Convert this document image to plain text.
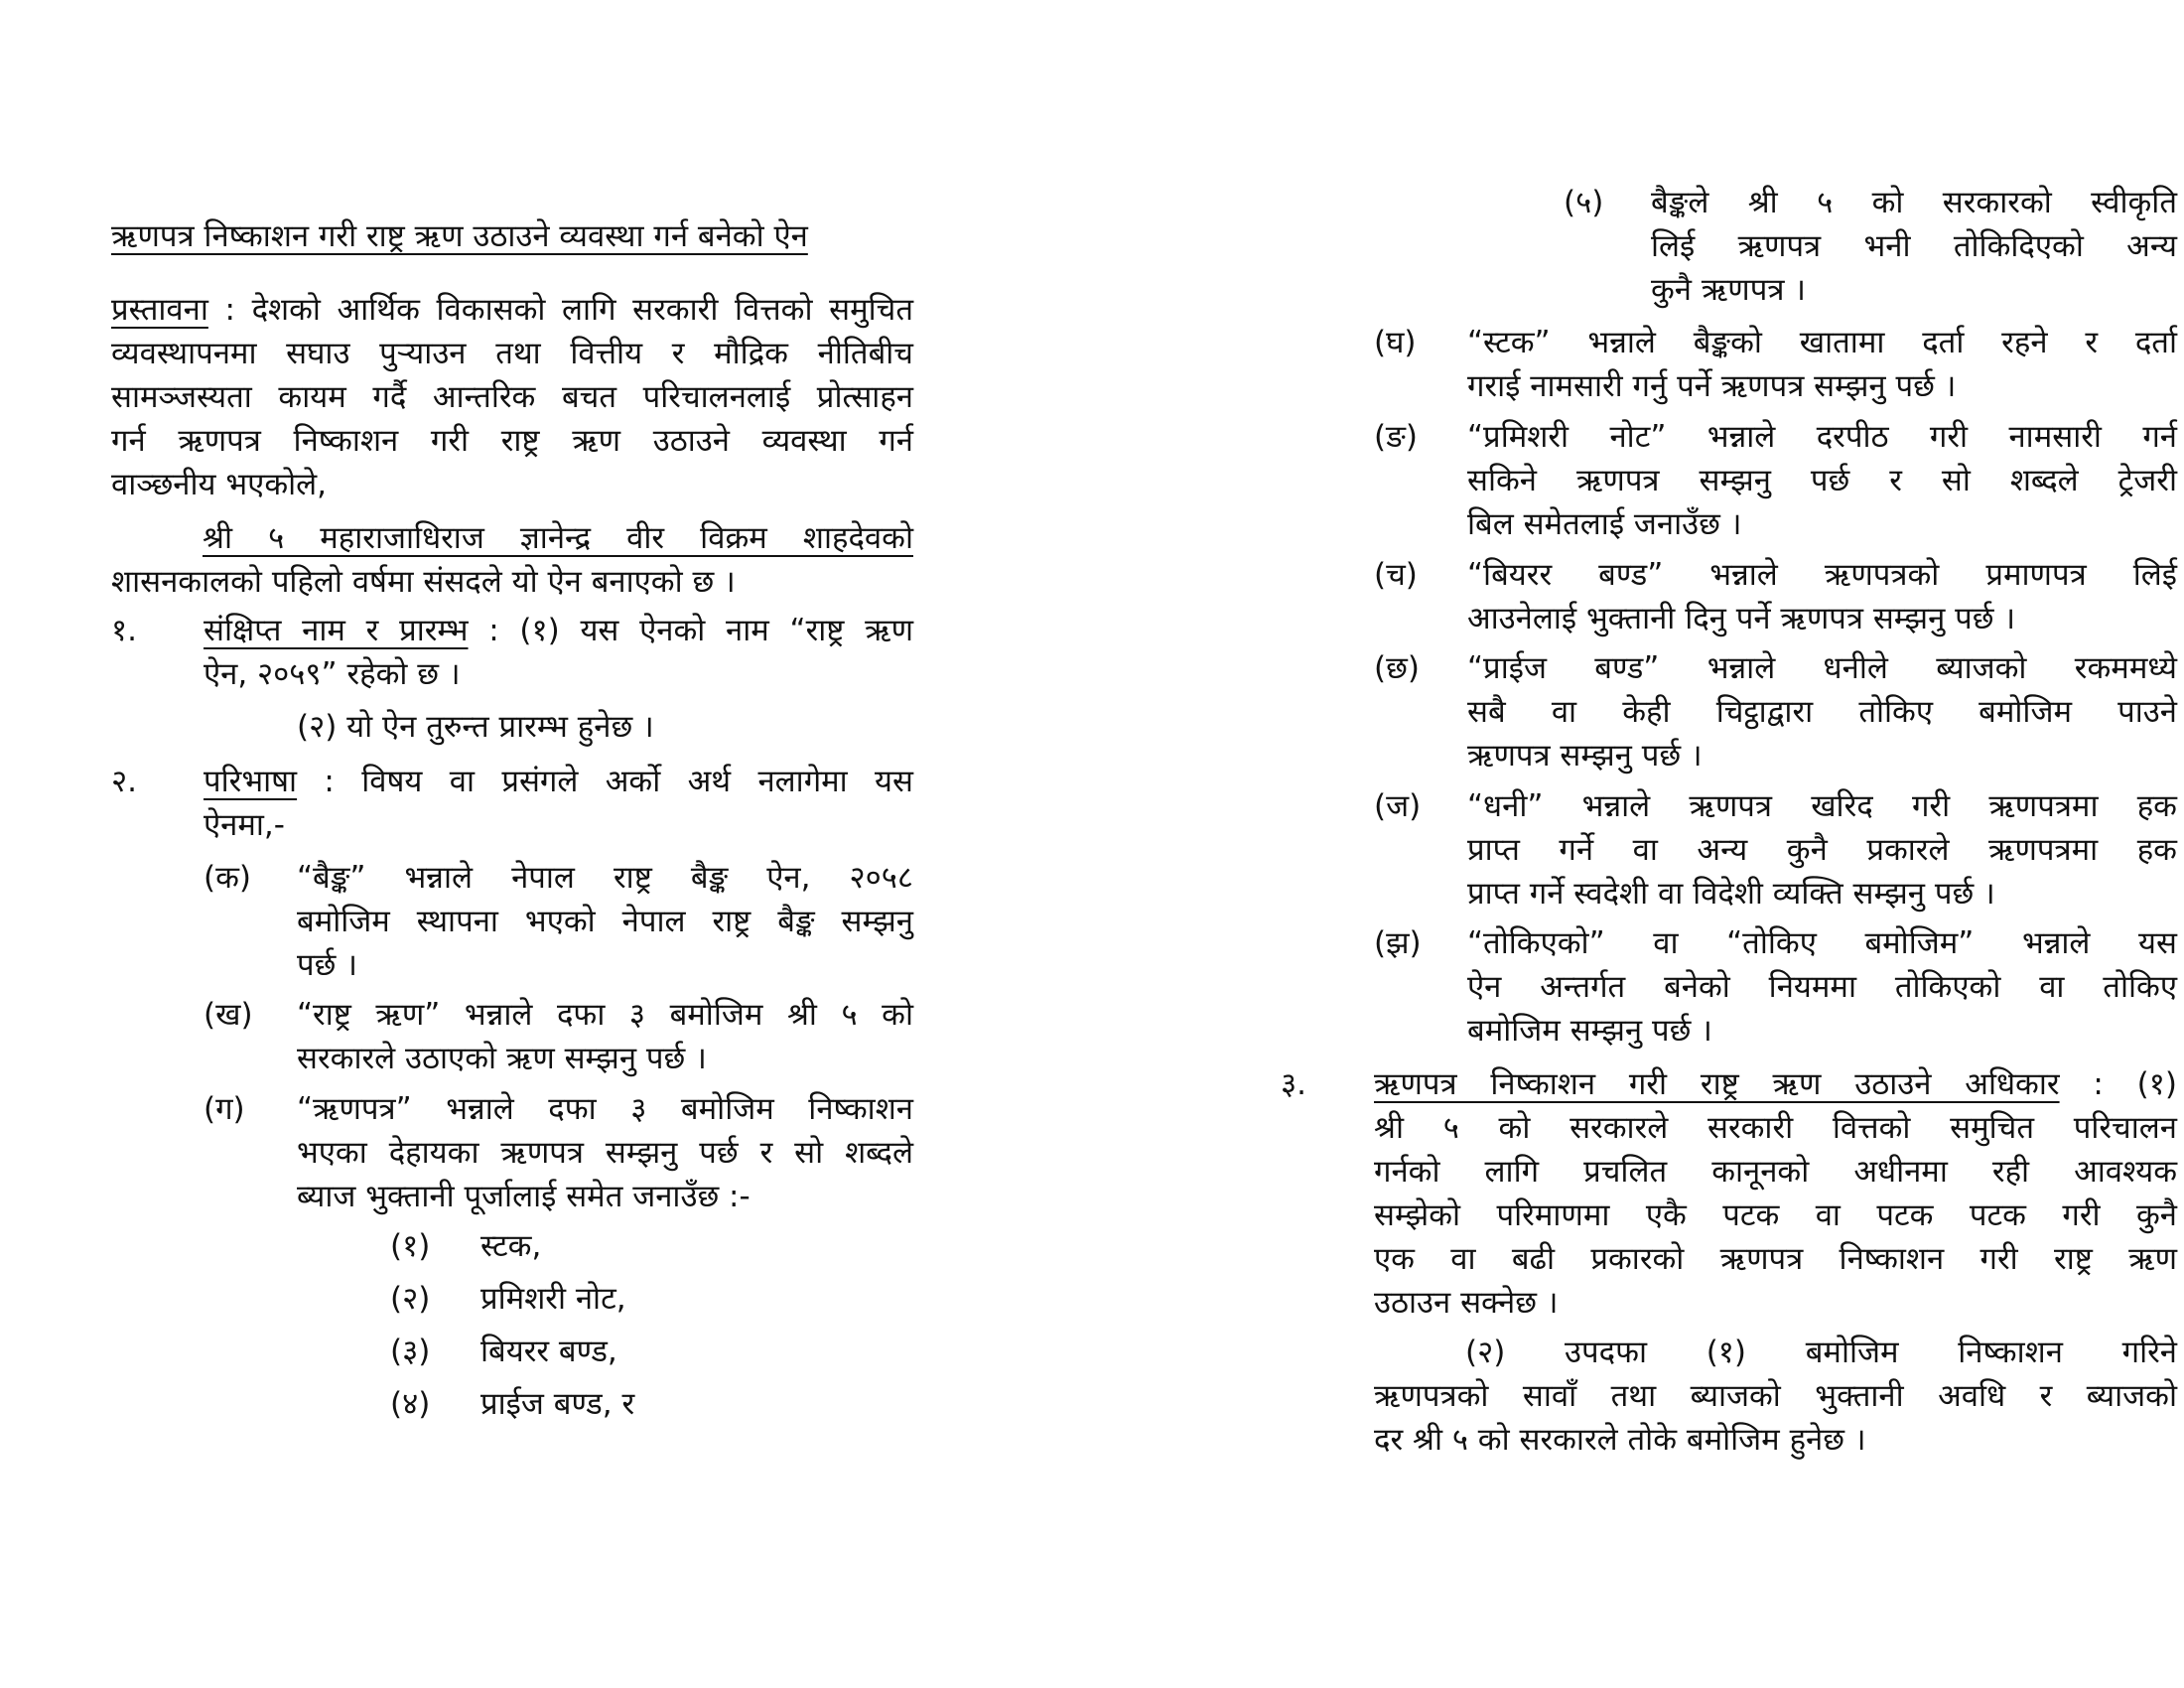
ऋणपत्र निष्काशन गरी राष्ट्र ऋण उठाउने व्यवस्था गर्न बनेको ऐन
प्रस्तावना : देशको आर्थिक विकासको लागि सरकारी वित्तको समुचित
व्यवस्थापनमा सघाउ पुऱ्याउन तथा वित्तीय र मौद्रिक नीतिबीच
सामञ्जस्यता कायम गर्दै आन्तरिक बचत परिचालनलाई प्रोत्साहन
गर्न ऋणपत्र निष्काशन गरी राष्ट्र ऋण उठाउने व्यवस्था गर्न
वाञ्छनीय भएकोले,
श्री ५ महाराजाधिराज ज्ञानेन्द्र वीर विक्रम शाहदेवको
शासनकालको पहिलो वर्षमा संसदले यो ऐन बनाएको छ ।
१. संक्षिप्त नाम र प्रारम्भ : (१) यस ऐनको नाम “राष्ट्र ऋण
ऐन, २०५९” रहेको छ ।
(२) यो ऐन तुरुन्त प्रारम्भ हुनेछ ।
२. परिभाषा : विषय वा प्रसंगले अर्को अर्थ नलागेमा यस
ऐनमा,-
(क) “बैङ्क” भन्नाले नेपाल राष्ट्र बैङ्क ऐन, २०५८
बमोजिम स्थापना भएको नेपाल राष्ट्र बैङ्क सम्झनु
पर्छ ।
(ख) “राष्ट्र ऋण” भन्नाले दफा ३ बमोजिम श्री ५ को
सरकारले उठाएको ऋण सम्झनु पर्छ ।
(ग) “ऋणपत्र” भन्नाले दफा ३ बमोजिम निष्काशन
भएका देहायका ऋणपत्र सम्झनु पर्छ र सो शब्दले
ब्याज भुक्तानी पूर्जालाई समेत जनाउँछ :-
(१) स्टक,
(२) प्रमिशरी नोट,
(३) बियरर बण्ड,
(४) प्राईज बण्ड, र
(५) बैङ्कले श्री ५ को सरकारको स्वीकृति
लिई ऋणपत्र भनी तोकिदिएको अन्य
कुनै ऋणपत्र ।
(घ) “स्टक” भन्नाले बैङ्कको खातामा दर्ता रहने र दर्ता
गराई नामसारी गर्नु पर्ने ऋणपत्र सम्झनु पर्छ ।
(ङ) “प्रमिशरी नोट” भन्नाले दरपीठ गरी नामसारी गर्न
सकिने ऋणपत्र सम्झनु पर्छ र सो शब्दले ट्रेजरी
बिल समेतलाई जनाउँछ ।
(च) “बियरर बण्ड” भन्नाले ऋणपत्रको प्रमाणपत्र लिई
आउनेलाई भुक्तानी दिनु पर्ने ऋणपत्र सम्झनु पर्छ ।
(छ) “प्राईज बण्ड” भन्नाले धनीले ब्याजको रकममध्ये
सबै वा केही चिट्ठाद्वारा तोकिए बमोजिम पाउने
ऋणपत्र सम्झनु पर्छ ।
(ज) “धनी” भन्नाले ऋणपत्र खरिद गरी ऋणपत्रमा हक
प्राप्त गर्ने वा अन्य कुनै प्रकारले ऋणपत्रमा हक
प्राप्त गर्ने स्वदेशी वा विदेशी व्यक्ति सम्झनु पर्छ ।
(झ) “तोकिएको” वा “तोकिए बमोजिम” भन्नाले यस
ऐन अन्तर्गत बनेको नियममा तोकिएको वा तोकिए
बमोजिम सम्झनु पर्छ ।
३. ऋणपत्र निष्काशन गरी राष्ट्र ऋण उठाउने अधिकार : (१)
श्री ५ को सरकारले सरकारी वित्तको समुचित परिचालन
गर्नको लागि प्रचलित कानूनको अधीनमा रही आवश्यक
सम्झेको परिमाणमा एकै पटक वा पटक पटक गरी कुनै
एक वा बढी प्रकारको ऋणपत्र निष्काशन गरी राष्ट्र ऋण
उठाउन सक्नेछ ।
(२) उपदफा (१) बमोजिम निष्काशन गरिने
ऋणपत्रको सावाँ तथा ब्याजको भुक्तानी अवधि र ब्याजको
दर श्री ५ को सरकारले तोके बमोजिम हुनेछ ।
